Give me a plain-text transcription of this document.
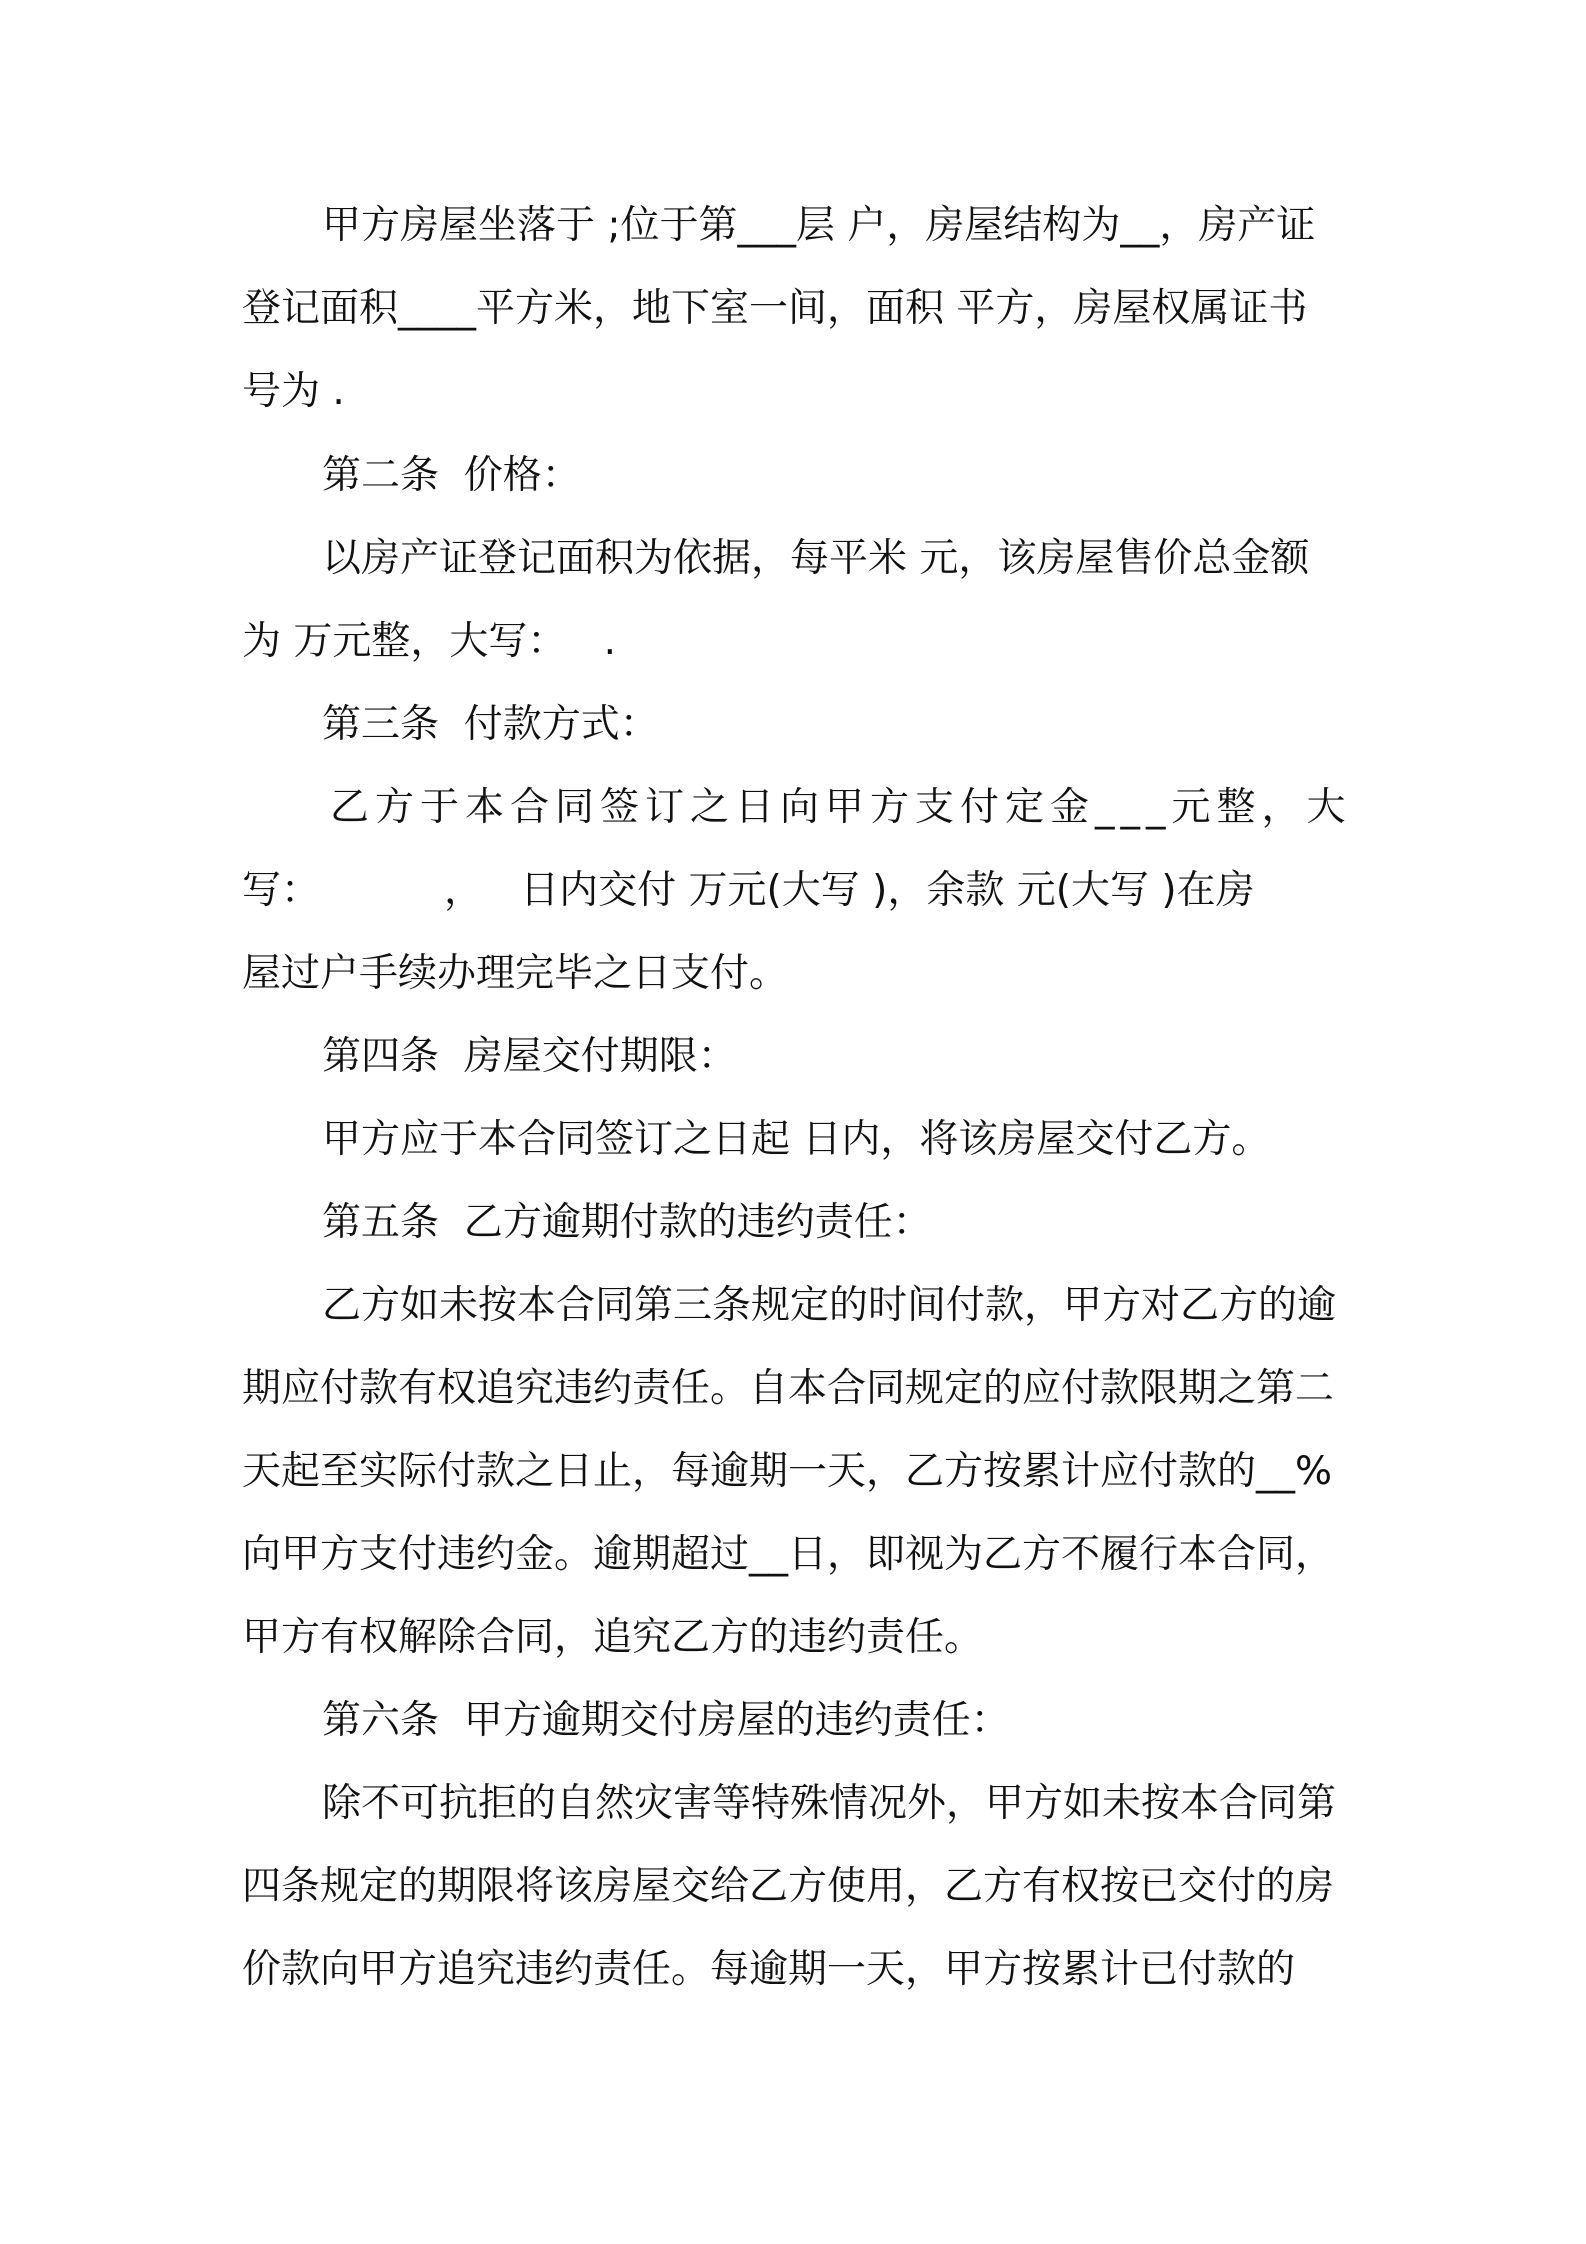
甲方房屋坐落于 ;位于第___层 户，房屋结构为__，房产证
登记面积____平方米，地下室一间，面积 平方，房屋权属证书
号为 .
第二条  价格：
以房产证登记面积为依据，每平米 元，该房屋售价总金额
为 万元整，大写：   .
第三条  付款方式：
乙方于本合同签订之日向甲方支付定金___元整，大
写：          ，   日内交付 万元(大写 )，余款 元(大写 )在房
屋过户手续办理完毕之日支付。
第四条  房屋交付期限：
甲方应于本合同签订之日起 日内，将该房屋交付乙方。
第五条  乙方逾期付款的违约责任：
乙方如未按本合同第三条规定的时间付款，甲方对乙方的逾
期应付款有权追究违约责任。自本合同规定的应付款限期之第二
天起至实际付款之日止，每逾期一天，乙方按累计应付款的__%
向甲方支付违约金。逾期超过__日，即视为乙方不履行本合同，
甲方有权解除合同，追究乙方的违约责任。
第六条  甲方逾期交付房屋的违约责任：
除不可抗拒的自然灾害等特殊情况外，甲方如未按本合同第
四条规定的期限将该房屋交给乙方使用，乙方有权按已交付的房
价款向甲方追究违约责任。每逾期一天，甲方按累计已付款的
